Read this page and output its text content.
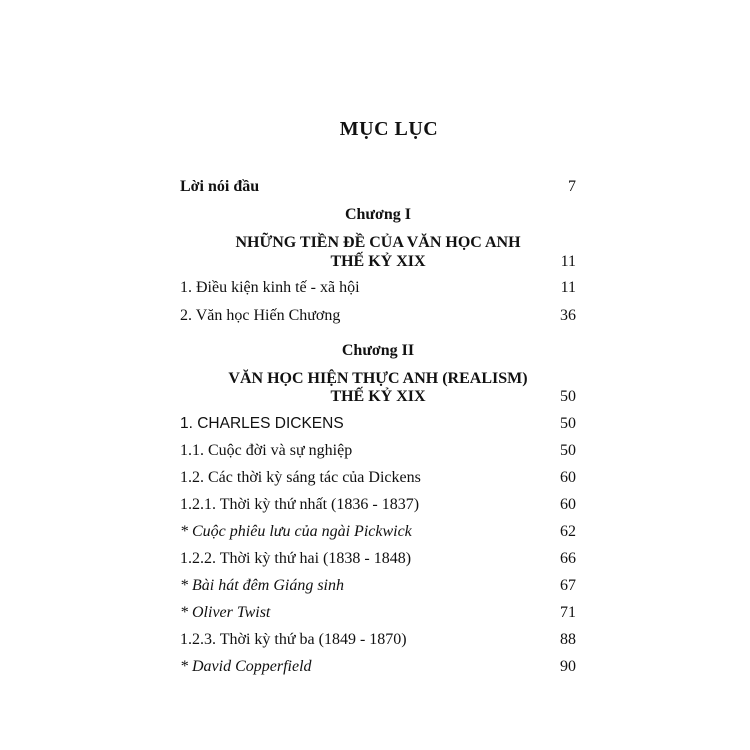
MỤC LỤC
Lời nói đầu	7
Chương I
NHỮNG TIỀN ĐỀ CỦA VĂN HỌC ANH
THẾ KỶ XIX	11
1. Điều kiện kinh tế - xã hội	11
2. Văn học Hiến Chương	36
Chương II
VĂN HỌC HIỆN THỰC ANH (REALISM)
THẾ KỶ XIX	50
1. CHARLES DICKENS	50
1.1. Cuộc đời và sự nghiệp	50
1.2. Các thời kỳ sáng tác của Dickens	60
1.2.1. Thời kỳ thứ nhất (1836 - 1837)	60
* Cuộc phiêu lưu của ngài Pickwick	62
1.2.2. Thời kỳ thứ hai (1838 - 1848)	66
* Bài hát đêm Giáng sinh	67
* Oliver Twist	71
1.2.3. Thời kỳ thứ ba (1849 - 1870)	88
* David Copperfield	90
